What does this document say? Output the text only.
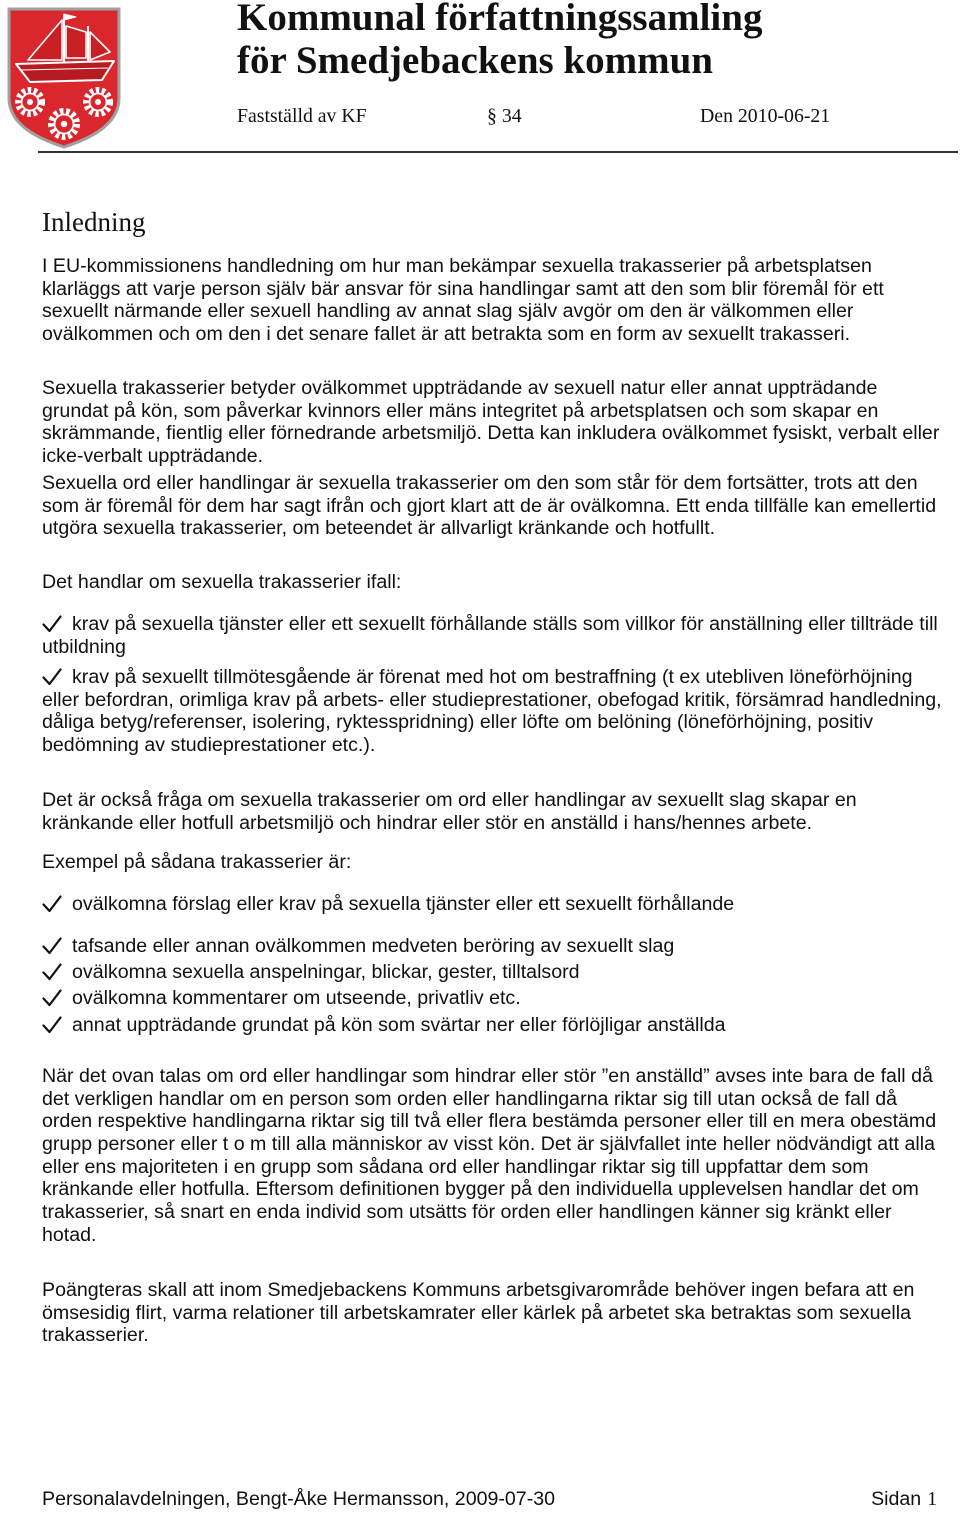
Kommunal författningssamling
för Smedjebackens kommun
Fastställd av KF	§ 34	Den 2010-06-21
Inledning
I EU-kommissionens handledning om hur man bekämpar sexuella trakasserier på arbetsplatsen
klarläggs att varje person själv bär ansvar för sina handlingar samt att den som blir föremål för ett
sexuellt närmande eller sexuell handling av annat slag själv avgör om den är välkommen eller
ovälkommen och om den i det senare fallet är att betrakta som en form av sexuellt trakasseri.
Sexuella trakasserier betyder ovälkommet uppträdande av sexuell natur eller annat uppträdande
grundat på kön, som påverkar kvinnors eller mäns integritet på arbetsplatsen och som skapar en
skrämmande, fientlig eller förnedrande arbetsmiljö. Detta kan inkludera ovälkommet fysiskt, verbalt eller
icke-verbalt uppträdande.
Sexuella ord eller handlingar är sexuella trakasserier om den som står för dem fortsätter, trots att den
som är föremål för dem har sagt ifrån och gjort klart att de är ovälkomna. Ett enda tillfälle kan emellertid
utgöra sexuella trakasserier, om beteendet är allvarligt kränkande och hotfullt.
Det handlar om sexuella trakasserier ifall:
krav på sexuella tjänster eller ett sexuellt förhållande ställs som villkor för anställning eller tillträde till
utbildning
krav på sexuellt tillmötesgående är förenat med hot om bestraffning (t ex utebliven löneförhöjning
eller befordran, orimliga krav på arbets- eller studieprestationer, obefogad kritik, försämrad handledning,
dåliga betyg/referenser, isolering, ryktesspridning) eller löfte om belöning (löneförhöjning, positiv
bedömning av studieprestationer etc.).
Det är också fråga om sexuella trakasserier om ord eller handlingar av sexuellt slag skapar en
kränkande eller hotfull arbetsmiljö och hindrar eller stör en anställd i hans/hennes arbete.
Exempel på sådana trakasserier är:
ovälkomna förslag eller krav på sexuella tjänster eller ett sexuellt förhållande
tafsande eller annan ovälkommen medveten beröring av sexuellt slag
ovälkomna sexuella anspelningar, blickar, gester, tilltalsord
ovälkomna kommentarer om utseende, privatliv etc.
annat uppträdande grundat på kön som svärtar ner eller förlöjligar anställda
När det ovan talas om ord eller handlingar som hindrar eller stör ”en anställd” avses inte bara de fall då
det verkligen handlar om en person som orden eller handlingarna riktar sig till utan också de fall då
orden respektive handlingarna riktar sig till två eller flera bestämda personer eller till en mera obestämd
grupp personer eller t o m till alla människor av visst kön. Det är självfallet inte heller nödvändigt att alla
eller ens majoriteten i en grupp som sådana ord eller handlingar riktar sig till uppfattar dem som
kränkande eller hotfulla. Eftersom definitionen bygger på den individuella upplevelsen handlar det om
trakasserier, så snart en enda individ som utsätts för orden eller handlingen känner sig kränkt eller
hotad.
Poängteras skall att inom Smedjebackens Kommuns arbetsgivarområde behöver ingen befara att en
ömsesidig flirt, varma relationer till arbetskamrater eller kärlek på arbetet ska betraktas som sexuella
trakasserier.
Personalavdelningen, Bengt-Åke Hermansson, 2009-07-30	Sidan 1
